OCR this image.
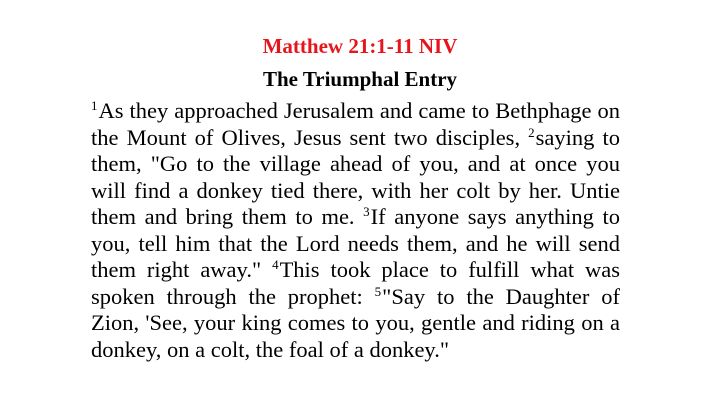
Matthew 21:1-11 NIV
The Triumphal Entry

$^1$As they approached Jerusalem and came to Bethphage on the Mount of Olives, Jesus sent two disciples, $^2$saying to them, "Go to the village ahead of you, and at once you will find a donkey tied there, with her colt by her. Untie them and bring them to me. $^3$If anyone says anything to you, tell him that the Lord needs them, and he will send them right away." $^4$This took place to fulfill what was spoken through the prophet: $^5$"Say to the Daughter of Zion, 'See, your king comes to you, gentle and riding on a donkey, on a colt, the foal of a donkey."
